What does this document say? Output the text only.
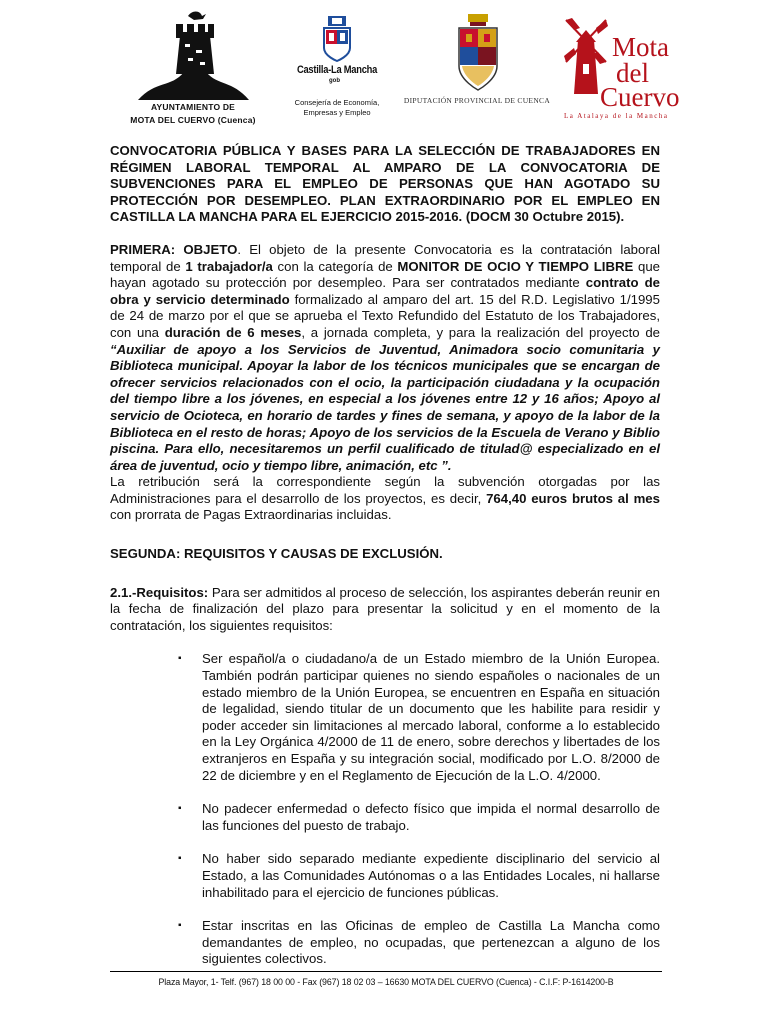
AYUNTAMIENTO DE
MOTA DEL CUERVO (Cuenca)
Castilla-La Mancha
gob
Consejería de Economía,
Empresas y Empleo
DIPUTACIÓN PROVINCIAL DE CUENCA
Mota
del
Cuervo
La Atalaya de la Mancha

CONVOCATORIA PÚBLICA Y BASES PARA LA SELECCIÓN DE TRABAJADORES EN RÉGIMEN LABORAL TEMPORAL AL AMPARO DE LA CONVOCATORIA DE SUBVENCIONES PARA EL EMPLEO DE PERSONAS QUE HAN AGOTADO SU PROTECCIÓN POR DESEMPLEO. PLAN EXTRAORDINARIO POR EL EMPLEO EN CASTILLA LA MANCHA PARA EL EJERCICIO 2015-2016. (DOCM 30 Octubre 2015).

PRIMERA: OBJETO. El objeto de la presente Convocatoria es la contratación laboral temporal de 1 trabajador/a con la categoría de MONITOR DE OCIO Y TIEMPO LIBRE que hayan agotado su protección por desempleo. Para ser contratados mediante contrato de obra y servicio determinado formalizado al amparo del art. 15 del R.D. Legislativo 1/1995 de 24 de marzo por el que se aprueba el Texto Refundido del Estatuto de los Trabajadores, con una duración de 6 meses, a jornada completa, y para la realización del proyecto de “Auxiliar de apoyo a los Servicios de Juventud, Animadora socio comunitaria y Biblioteca municipal. Apoyar la labor de los técnicos municipales que se encargan de ofrecer servicios relacionados con el ocio, la participación ciudadana y la ocupación del tiempo libre a los jóvenes, en especial a los jóvenes entre 12 y 16 años; Apoyo al servicio de Ocioteca, en horario de tardes y fines de semana, y apoyo de la labor de la Biblioteca en el resto de horas; Apoyo de los servicios de la Escuela de Verano y Biblio piscina. Para ello, necesitaremos un perfil cualificado de titulad@ especializado en el área de juventud, ocio y tiempo libre, animación, etc ”.

La retribución será la correspondiente según la subvención otorgadas por las Administraciones para el desarrollo de los proyectos, es decir, 764,40 euros brutos al mes con prorrata de Pagas Extraordinarias incluidas.

SEGUNDA: REQUISITOS Y CAUSAS DE EXCLUSIÓN.

2.1.-Requisitos: Para ser admitidos al proceso de selección, los aspirantes deberán reunir en la fecha de finalización del plazo para presentar la solicitud y en el momento de la contratación, los siguientes requisitos:

▪ Ser español/a o ciudadano/a de un Estado miembro de la Unión Europea. También podrán participar quienes no siendo españoles o nacionales de un estado miembro de la Unión Europea, se encuentren en España en situación de legalidad, siendo titular de un documento que les habilite para residir y poder acceder sin limitaciones al mercado laboral, conforme a lo establecido en la Ley Orgánica 4/2000 de 11 de enero, sobre derechos y libertades de los extranjeros en España y su integración social, modificado por L.O. 8/2000 de 22 de diciembre y en el Reglamento de Ejecución de la L.O. 4/2000.
▪ No padecer enfermedad o defecto físico que impida el normal desarrollo de las funciones del puesto de trabajo.
▪ No haber sido separado mediante expediente disciplinario del servicio al Estado, a las Comunidades Autónomas o a las Entidades Locales, ni hallarse inhabilitado para el ejercicio de funciones públicas.
▪ Estar inscritas en las Oficinas de empleo de Castilla La Mancha como demandantes de empleo, no ocupadas, que pertenezcan a alguno de los siguientes colectivos.
Plaza Mayor, 1- Telf. (967) 18 00 00 - Fax (967) 18 02 03 – 16630 MOTA DEL CUERVO (Cuenca) - C.I.F: P-1614200-B
